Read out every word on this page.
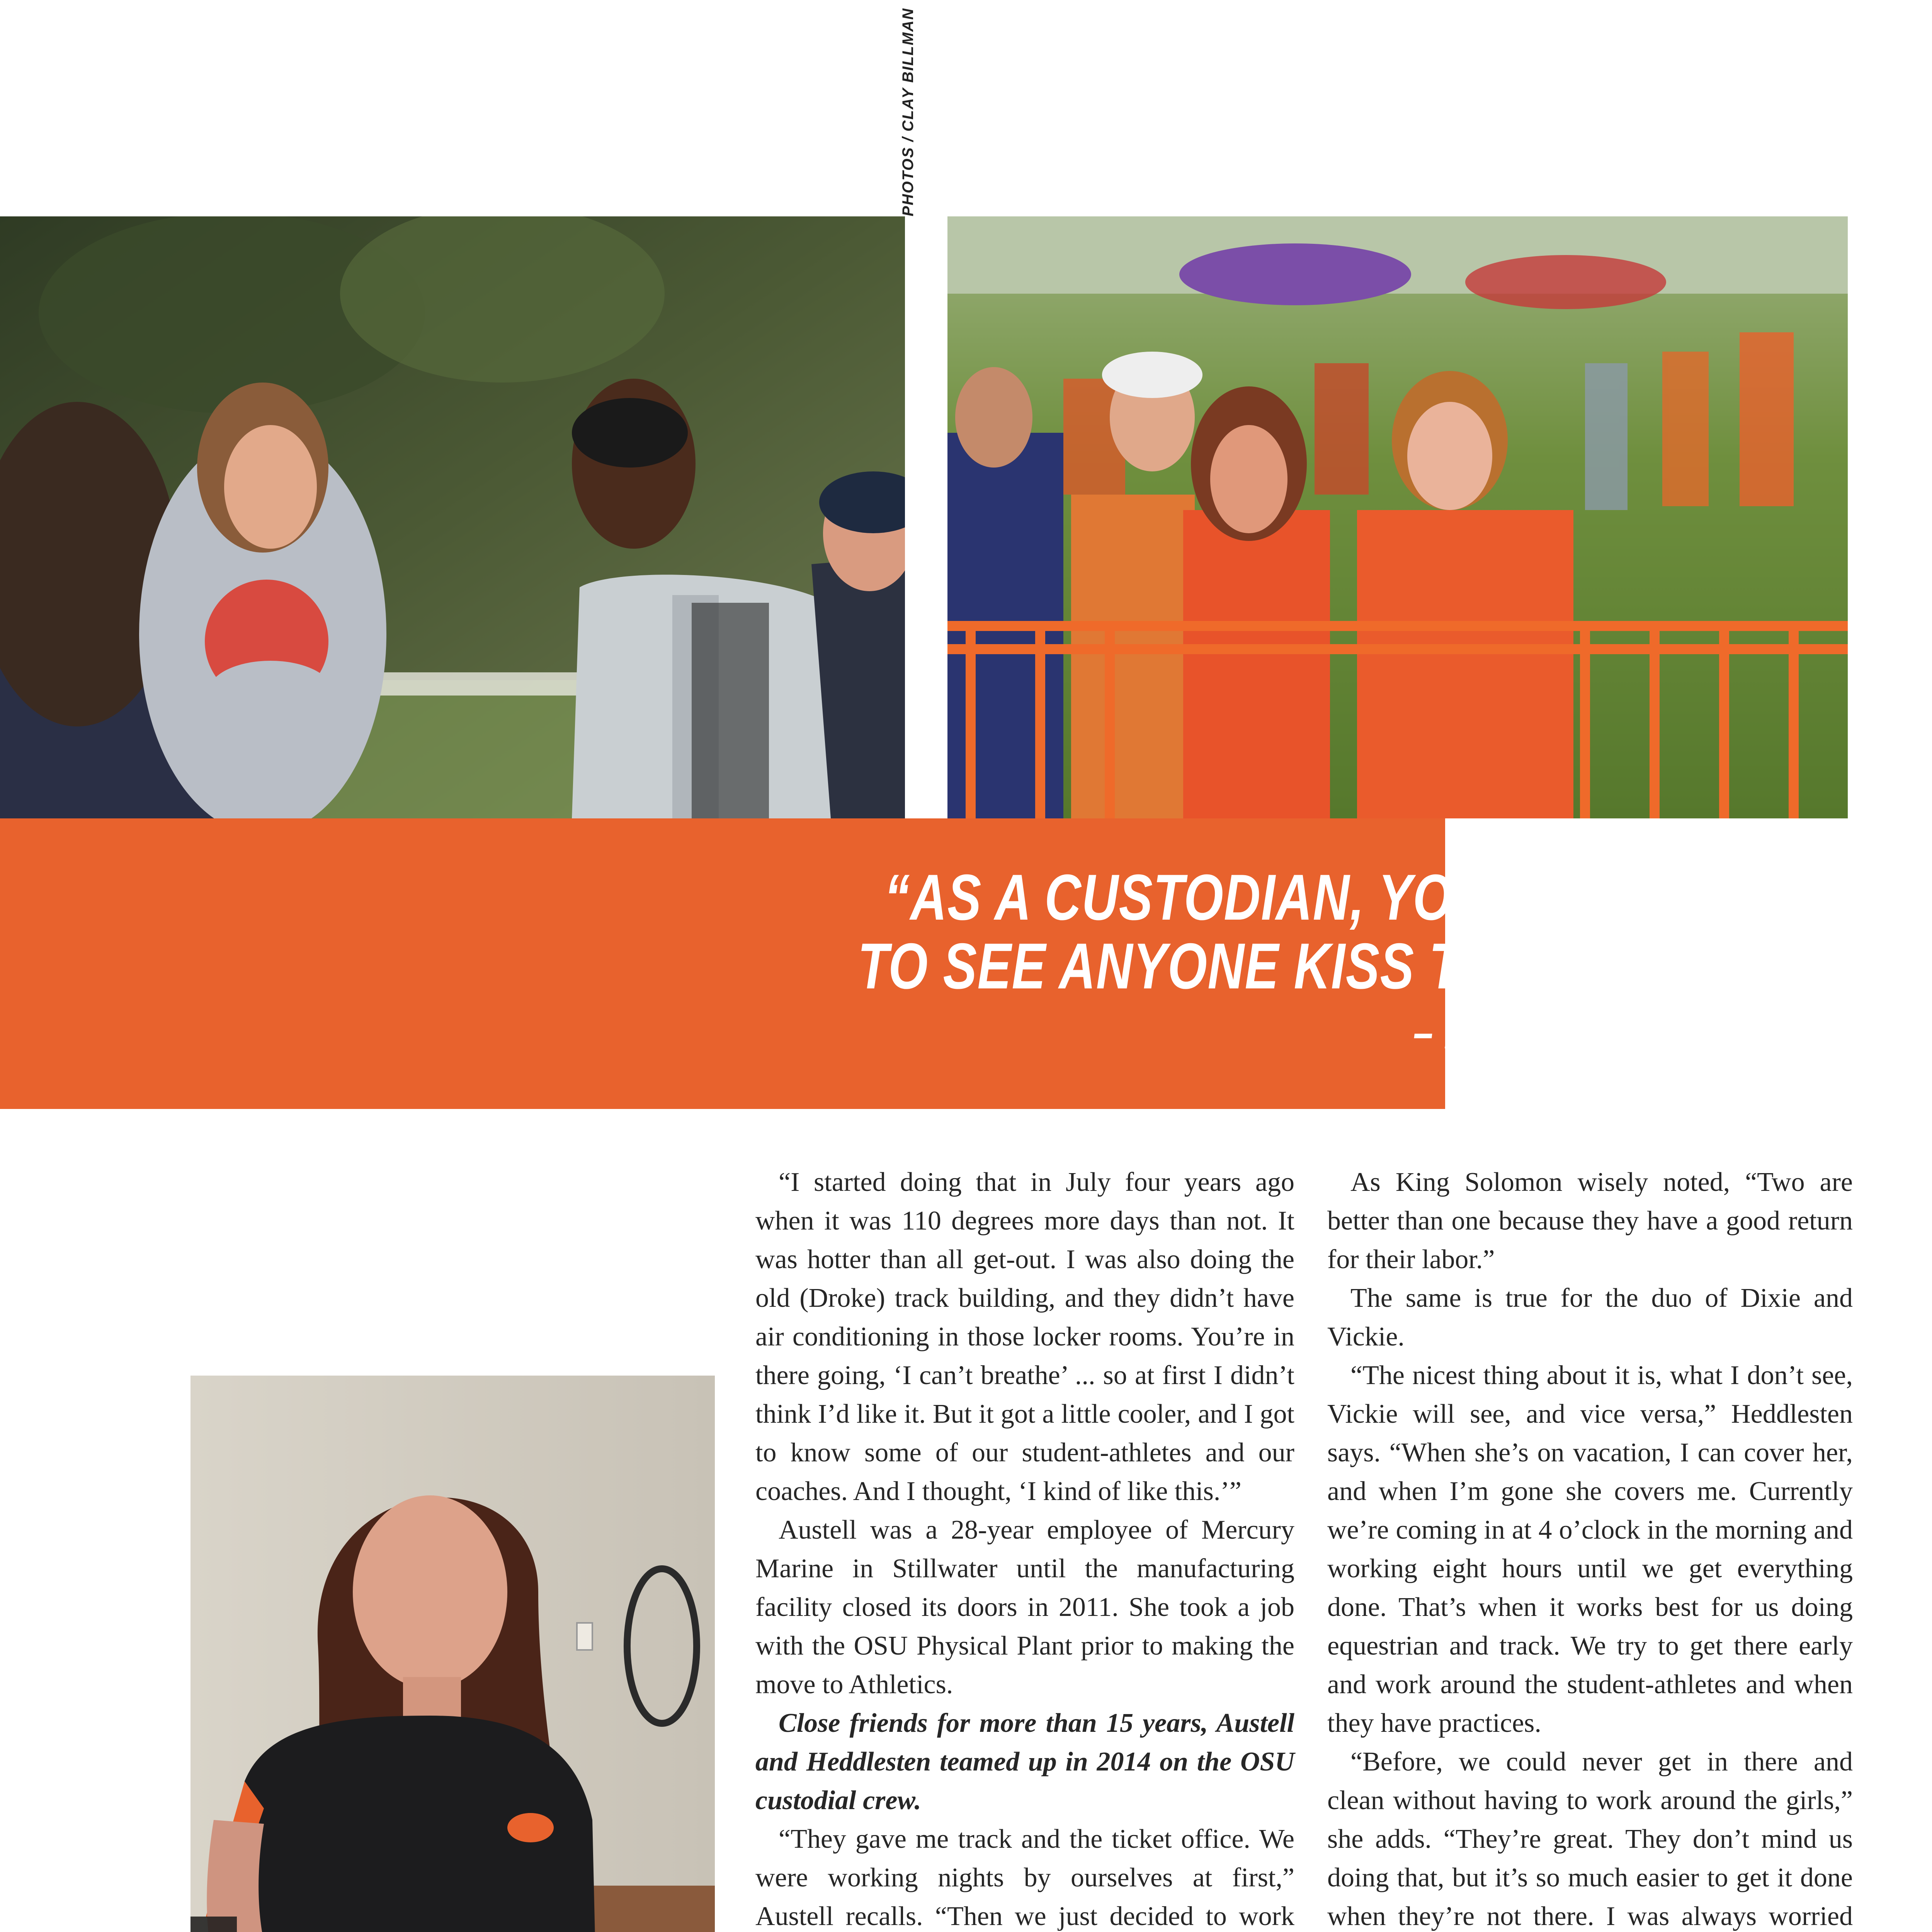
PHOTOS / CLAY BILLMAN
“AS A CUSTODIAN, YOU DON’T LIKE
TO SEE ANYONE KISS THE TROPHY.”
– DIXIE HEDDLESTEN

“I started doing that in July four years ago when it was 110 degrees more days than not. It was hotter than all get-out. I was also doing the old (Droke) track building, and they didn’t have air conditioning in those locker rooms. You’re in there going, ‘I can’t breathe’ ... so at first I didn’t think I’d like it. But it got a little cooler, and I got to know some of our student-athletes and our coaches. And I thought, ‘I kind of like this.’”

Austell was a 28-year employee of Mercury Marine in Stillwater until the manufacturing facility closed its doors in 2011. She took a job with the OSU Physical Plant prior to making the move to Athletics.

Close friends for more than 15 years, Austell and Heddlesten teamed up in 2014 on the OSU custodial crew.

“They gave me track and the ticket office. We were working nights by ourselves at first,” Austell recalls. “Then we just decided to work

As King Solomon wisely noted, “Two are better than one because they have a good return for their labor.”

The same is true for the duo of Dixie and Vickie.

“The nicest thing about it is, what I don’t see, Vickie will see, and vice versa,” Heddlesten says. “When she’s on vacation, I can cover her, and when I’m gone she covers me. Currently we’re coming in at 4 o’clock in the morning and working eight hours until we get everything done. That’s when it works best for us doing equestrian and track. We try to get there early and work around the student-athletes and when they have practices.

“Before, we could never get in there and clean without having to work around the girls,” she adds. “They’re great. They don’t mind us doing that, but it’s so much easier to get it done when they’re not there. I was always worried
